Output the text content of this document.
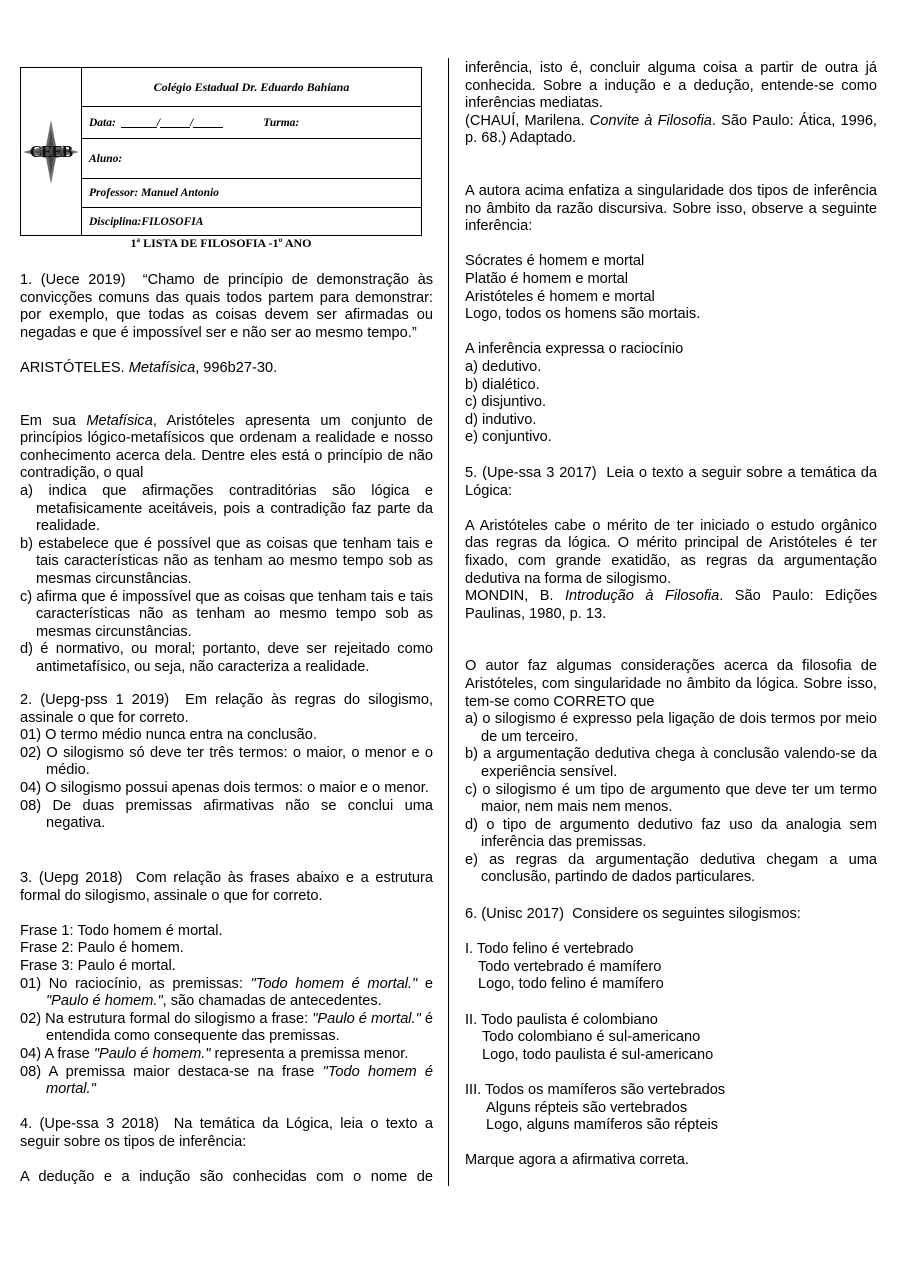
CEEB
Colégio Estadual Dr. Eduardo Bahiana
Data:	/	/	Turma:
Aluno:
Professor: Manuel Antonio
Disciplina:FILOSOFIA
1ª LISTA DE FILOSOFIA -1º ANO

1. (Uece 2019) “Chamo de princípio de demonstração às convicções comuns das quais todos partem para demonstrar: por exemplo, que todas as coisas devem ser afirmadas ou negadas e que é impossível ser e não ser ao mesmo tempo.”

ARISTÓTELES. Metafísica, 996b27-30.

Em sua Metafísica, Aristóteles apresenta um conjunto de princípios lógico-metafísicos que ordenam a realidade e nosso conhecimento acerca dela. Dentre eles está o princípio de não contradição, o qual

a) indica que afirmações contraditórias são lógica e metafisicamente aceitáveis, pois a contradição faz parte da realidade.

b) estabelece que é possível que as coisas que tenham tais e tais características não as tenham ao mesmo tempo sob as mesmas circunstâncias.

c) afirma que é impossível que as coisas que tenham tais e tais características não as tenham ao mesmo tempo sob as mesmas circunstâncias.

d) é normativo, ou moral; portanto, deve ser rejeitado como antimetafísico, ou seja, não caracteriza a realidade.

2. (Uepg-pss 1 2019) Em relação às regras do silogismo, assinale o que for correto.

01) O termo médio nunca entra na conclusão.

02) O silogismo só deve ter três termos: o maior, o menor e o médio.

04) O silogismo possui apenas dois termos: o maior e o menor.

08) De duas premissas afirmativas não se conclui uma negativa.

3. (Uepg 2018) Com relação às frases abaixo e a estrutura formal do silogismo, assinale o que for correto.

Frase 1: Todo homem é mortal.

Frase 2: Paulo é homem.

Frase 3: Paulo é mortal.

01) No raciocínio, as premissas: "Todo homem é mortal." e "Paulo é homem.", são chamadas de antecedentes.

02) Na estrutura formal do silogismo a frase: "Paulo é mortal." é entendida como consequente das premissas.

04) A frase "Paulo é homem." representa a premissa menor.

08) A premissa maior destaca-se na frase "Todo homem é mortal."

4. (Upe-ssa 3 2018) Na temática da Lógica, leia o texto a seguir sobre os tipos de inferência:

A dedução e a indução são conhecidas com o nome de

inferência, isto é, concluir alguma coisa a partir de outra já conhecida. Sobre a indução e a dedução, entende-se como inferências mediatas.

(CHAUÍ, Marilena. Convite à Filosofia. São Paulo: Ática, 1996, p. 68.) Adaptado.

A autora acima enfatiza a singularidade dos tipos de inferência no âmbito da razão discursiva. Sobre isso, observe a seguinte inferência:

Sócrates é homem e mortal

Platão é homem e mortal

Aristóteles é homem e mortal

Logo, todos os homens são mortais.

A inferência expressa o raciocínio

a) dedutivo.

b) dialético.

c) disjuntivo.

d) indutivo.

e) conjuntivo.

5. (Upe-ssa 3 2017) Leia o texto a seguir sobre a temática da Lógica:

A Aristóteles cabe o mérito de ter iniciado o estudo orgânico das regras da lógica. O mérito principal de Aristóteles é ter fixado, com grande exatidão, as regras da argumentação dedutiva na forma de silogismo.

MONDIN, B. Introdução à Filosofia. São Paulo: Edições Paulinas, 1980, p. 13.

O autor faz algumas considerações acerca da filosofia de Aristóteles, com singularidade no âmbito da lógica. Sobre isso, tem-se como CORRETO que

a) o silogismo é expresso pela ligação de dois termos por meio de um terceiro.

b) a argumentação dedutiva chega à conclusão valendo-se da experiência sensível.

c) o silogismo é um tipo de argumento que deve ter um termo maior, nem mais nem menos.

d) o tipo de argumento dedutivo faz uso da analogia sem inferência das premissas.

e) as regras da argumentação dedutiva chegam a uma conclusão, partindo de dados particulares.

6. (Unisc 2017) Considere os seguintes silogismos:

I. Todo felino é vertebrado

Todo vertebrado é mamífero

Logo, todo felino é mamífero

II. Todo paulista é colombiano

Todo colombiano é sul-americano

Logo, todo paulista é sul-americano

III. Todos os mamíferos são vertebrados

Alguns répteis são vertebrados

Logo, alguns mamíferos são répteis

Marque agora a afirmativa correta.
